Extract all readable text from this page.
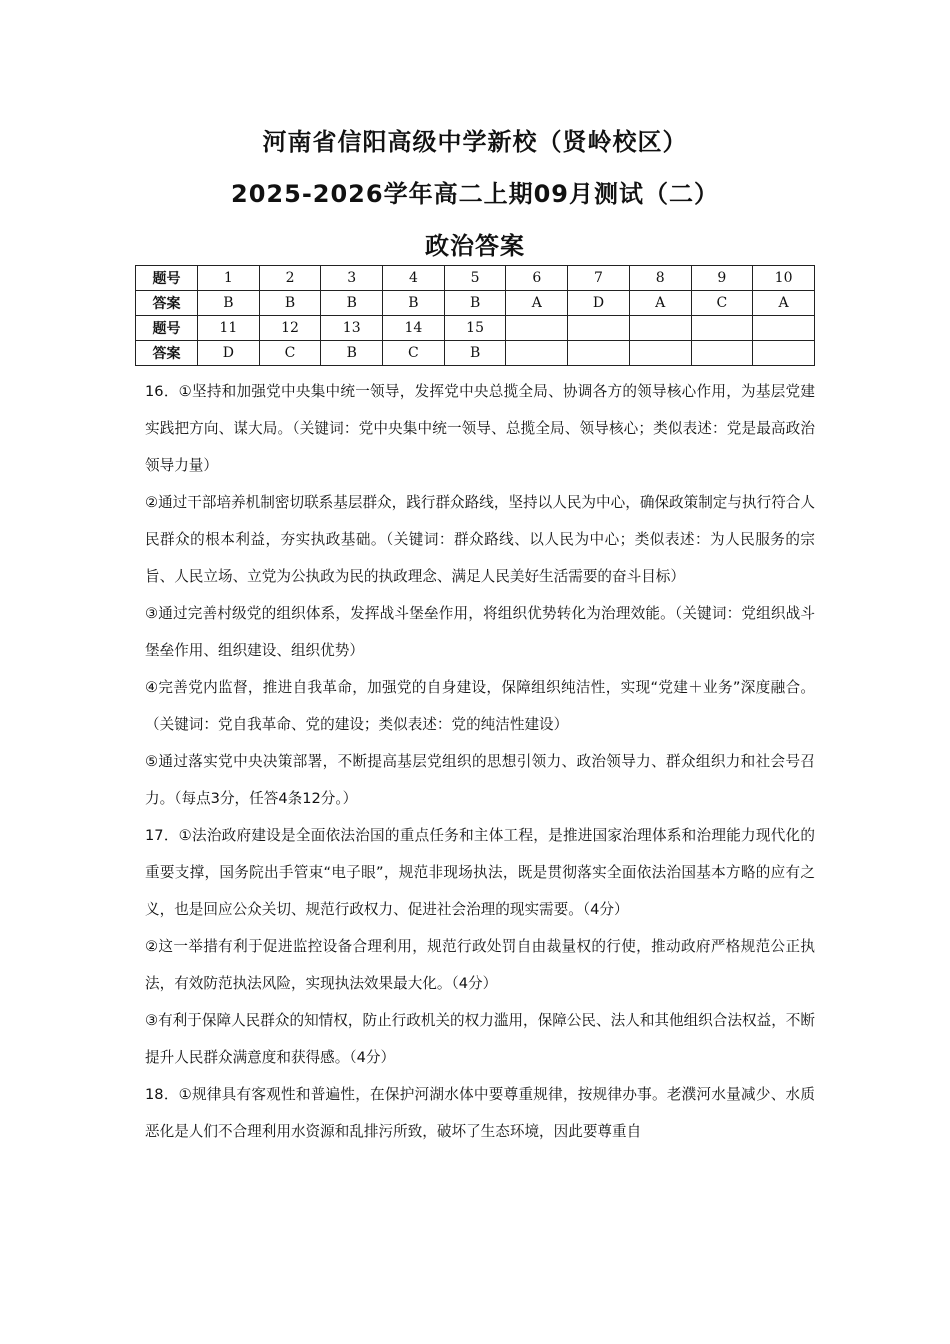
河南省信阳高级中学新校（贤岭校区）
2025-2026学年高二上期09月测试（二）
政治答案
题号	1	2	3	4	5	6	7	8	9	10
答案	B	B	B	B	B	A	D	A	C	A
题号	11	12	13	14	15					
答案	D	C	B	C	B					

16．①坚持和加强党中央集中统一领导，发挥党中央总揽全局、协调各方的领导核心作用，为基层党建实践把方向、谋大局。（关键词：党中央集中统一领导、总揽全局、领导核心；类似表述：党是最高政治领导力量）

②通过干部培养机制密切联系基层群众，践行群众路线，坚持以人民为中心，确保政策制定与执行符合人民群众的根本利益，夯实执政基础。（关键词：群众路线、以人民为中心；类似表述：为人民服务的宗旨、人民立场、立党为公执政为民的执政理念、满足人民美好生活需要的奋斗目标）

③通过完善村级党的组织体系，发挥战斗堡垒作用，将组织优势转化为治理效能。（关键词：党组织战斗堡垒作用、组织建设、组织优势）

④完善党内监督，推进自我革命，加强党的自身建设，保障组织纯洁性，实现“党建＋业务”深度融合。（关键词：党自我革命、党的建设；类似表述：党的纯洁性建设）

⑤通过落实党中央决策部署，不断提高基层党组织的思想引领力、政治领导力、群众组织力和社会号召力。（每点3分，任答4条12分。）

17．①法治政府建设是全面依法治国的重点任务和主体工程，是推进国家治理体系和治理能力现代化的重要支撑，国务院出手管束“电子眼”，规范非现场执法，既是贯彻落实全面依法治国基本方略的应有之义，也是回应公众关切、规范行政权力、促进社会治理的现实需要。（4分）

②这一举措有利于促进监控设备合理利用，规范行政处罚自由裁量权的行使，推动政府严格规范公正执法，有效防范执法风险，实现执法效果最大化。（4分）

③有利于保障人民群众的知情权，防止行政机关的权力滥用，保障公民、法人和其他组织合法权益，不断提升人民群众满意度和获得感。（4分）

18．①规律具有客观性和普遍性，在保护河湖水体中要尊重规律，按规律办事。老濮河水量减少、水质恶化是人们不合理利用水资源和乱排污所致，破坏了生态环境，因此要尊重自
